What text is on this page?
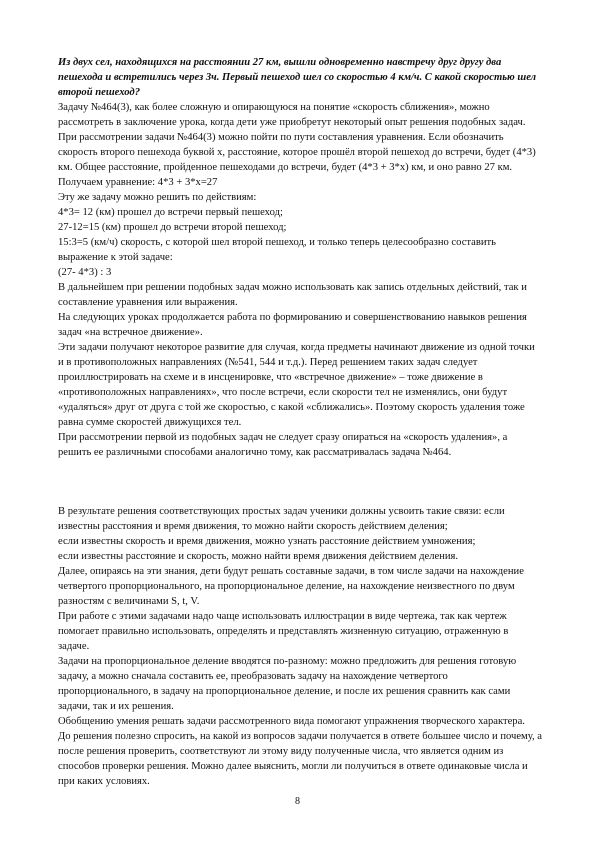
Из двух сел, находящихся на расстоянии 27 км, вышли одновременно навстречу друг другу два пешехода и встретились через 3ч. Первый пешеход шел со скоростью 4 км/ч. С какой скоростью шел второй пешеход?

Задачу №464(3), как более сложную и опирающуюся на понятие «скорость сближения», можно рассмотреть в заключение урока, когда дети уже приобретут некоторый опыт решения подобных задач.

При рассмотрении задачи №464(3) можно пойти по пути составления уравнения. Если обозначить скорость второго пешехода буквой x, расстояние, которое прошёл второй пешеход до встречи, будет (4*3) км. Общее расстояние, пройденное пешеходами до встречи, будет (4*3 + 3*x) км, и оно равно 27 км. Получаем уравнение: 4*3 + 3*x=27

Эту же задачу можно решить по действиям:

4*3= 12 (км) прошел до встречи первый пешеход;

27-12=15 (км) прошел до встречи второй пешеход;

15:3=5 (км/ч) скорость, с которой шел второй пешеход, и только теперь целесообразно составить выражение к этой задаче:

(27- 4*3) : 3

В дальнейшем при решении подобных задач можно использовать как запись отдельных действий, так и составление уравнения или выражения.

На следующих уроках продолжается работа по формированию и совершенствованию навыков решения задач «на встречное движение».

Эти задачи получают некоторое развитие для случая, когда предметы начинают движение из одной точки и в противоположных направлениях (№541, 544 и т.д.). Перед решением таких задач следует проиллюстрировать на схеме и в инсценировке, что «встречное движение» – тоже движение в «противоположных направлениях», что после встречи, если скорости тел не изменялись, они будут «удаляться» друг от друга с той же скоростью, с какой «сближались». Поэтому скорость удаления тоже равна сумме скоростей движущихся тел.

При рассмотрении первой из подобных задач не следует сразу опираться на «скорость удаления», а решить ее различными способами аналогично тому, как рассматривалась задача №464.

В результате решения соответствующих простых задач ученики должны усвоить такие связи: если известны расстояния и время движения, то можно найти скорость действием деления;

если известны скорость и время движения, можно узнать расстояние действием умножения;

если известны расстояние и скорость, можно найти время движения действием деления.

Далее, опираясь на эти знания, дети будут решать составные задачи, в том числе задачи на нахождение четвертого пропорционального, на пропорциональное деление, на нахождение неизвестного по двум разностям с величинами S, t, V.

При работе с этими задачами надо чаще использовать иллюстрации в виде чертежа, так как чертеж помогает правильно использовать, определять и представлять жизненную ситуацию, отраженную в задаче.

Задачи на пропорциональное деление вводятся по-разному: можно предложить для решения готовую задачу, а можно сначала составить ее, преобразовать задачу на нахождение четвертого пропорционального, в задачу на пропорциональное деление, и после их решения сравнить как сами задачи, так и их решения.

Обобщению умения решать задачи рассмотренного вида помогают упражнения творческого характера.

До решения полезно спросить, на какой из вопросов задачи получается в ответе большее число и почему, а после решения проверить, соответствуют ли этому виду полученные числа, что является одним из способов проверки решения. Можно далее выяснить, могли ли получиться в ответе одинаковые числа и при каких условиях.

8
